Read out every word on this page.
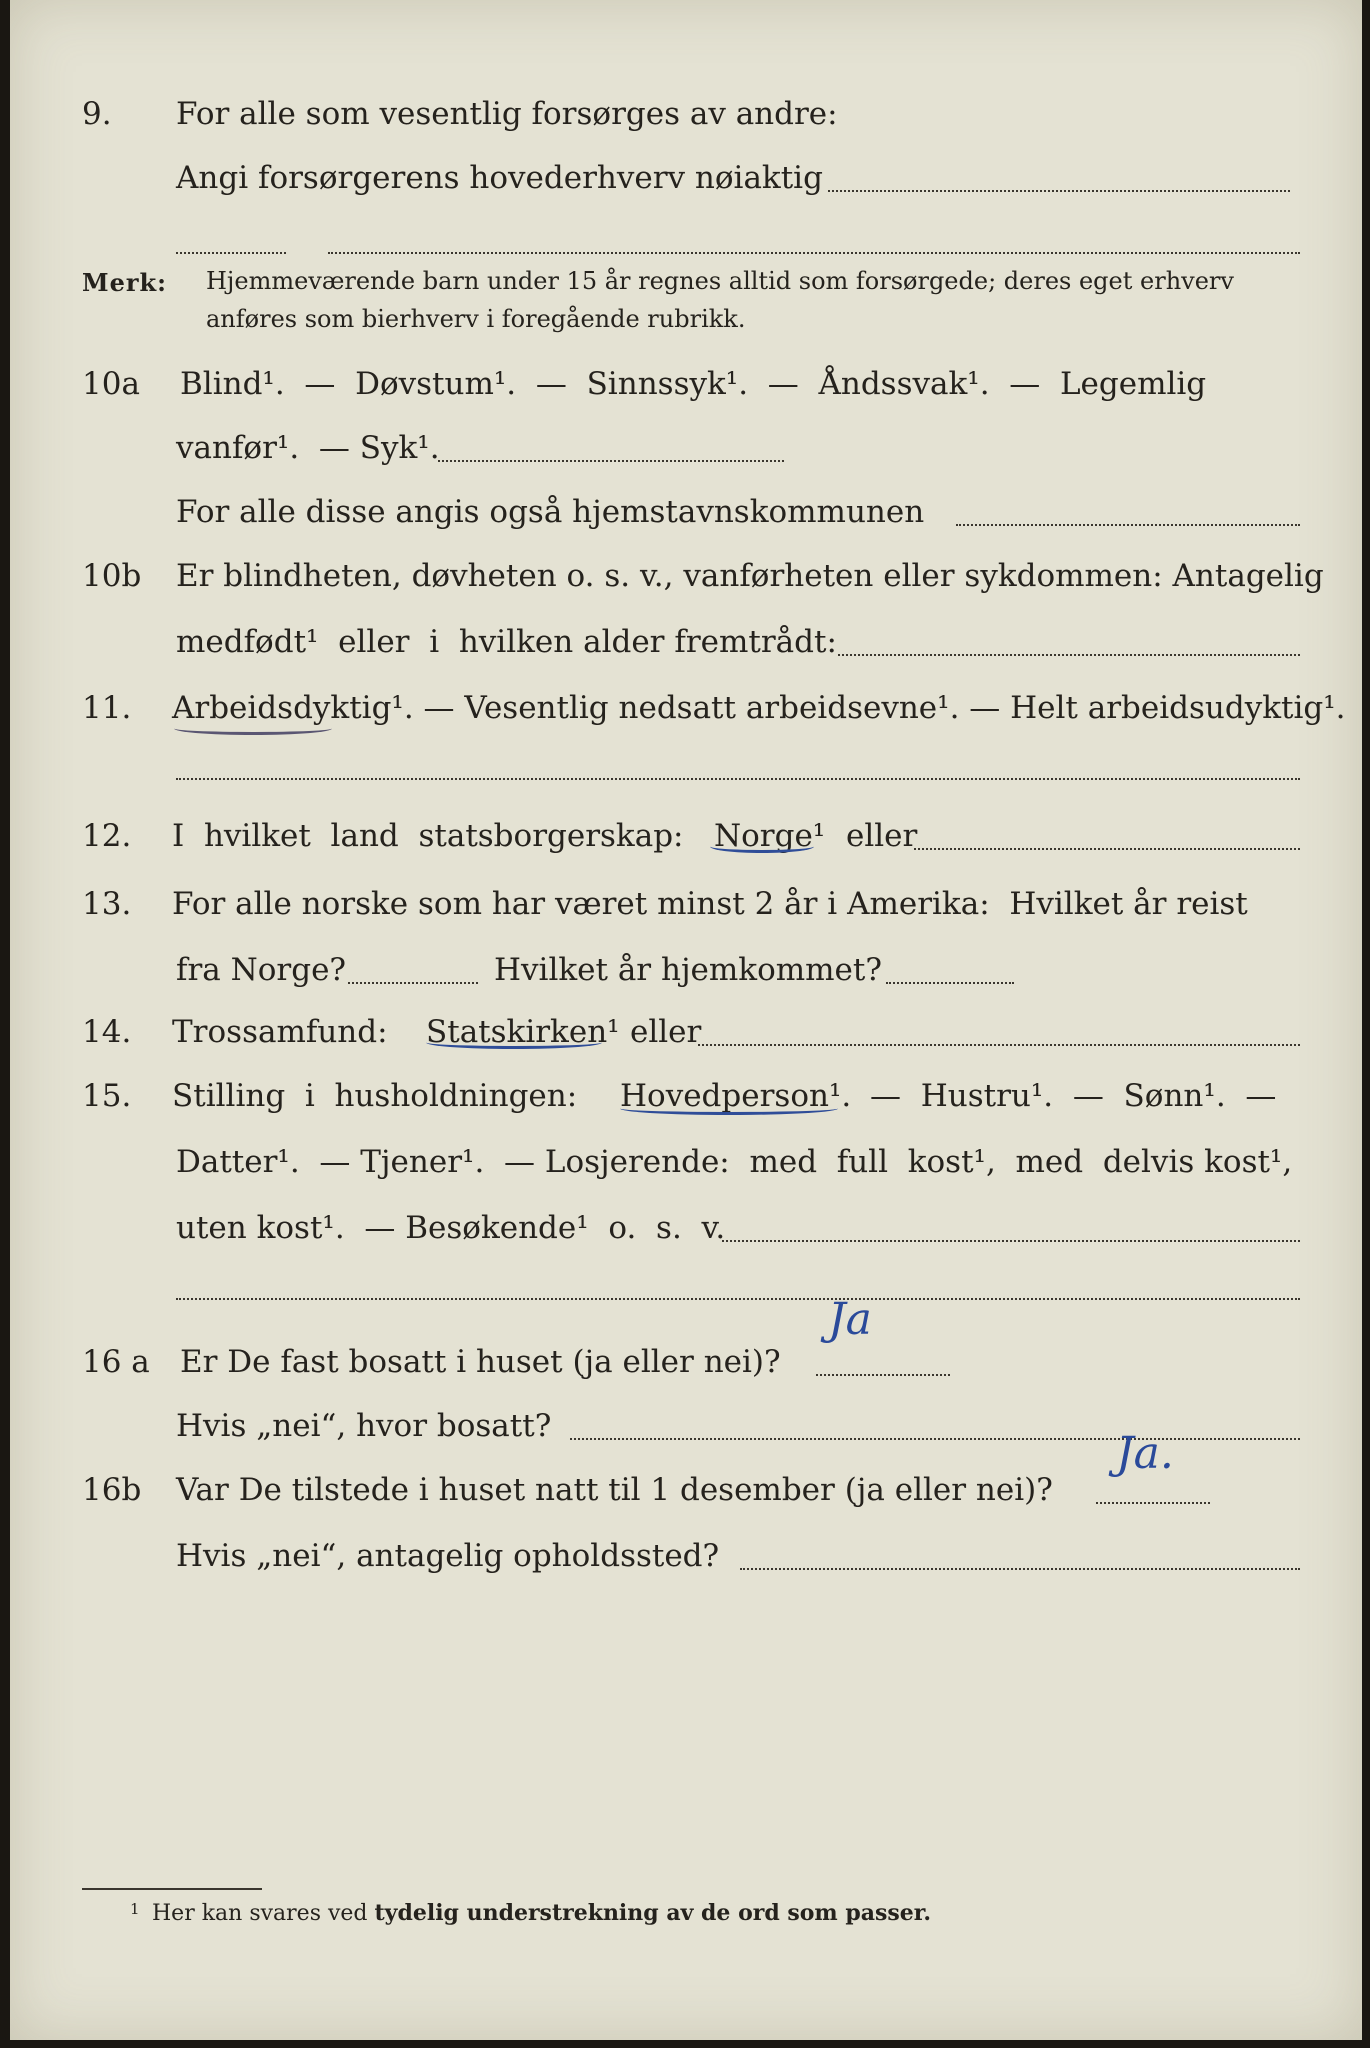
9. For alle som vesentlig forsørges av andre:
Angi forsørgerens hovederhverv nøiaktig
Merk: Hjemmeværende barn under 15 år regnes alltid som forsørgede; deres eget erhverv anføres som bierhverv i foregående rubrikk.
10a Blind¹.  —  Døvstum¹.  —  Sinnssyk¹.  —  Åndssvak¹.  —  Legemlig
vanfør¹.  — Syk¹.
For alle disse angis også hjemstavnskommunen
10b Er blindheten, døvheten o. s. v., vanførheten eller sykdommen: Antagelig
medfødt¹  eller  i  hvilken alder fremtrådt:
11. Arbeidsdyktig¹. — Vesentlig nedsatt arbeidsevne¹. — Helt arbeidsudyktig¹.
12. I  hvilket  land  statsborgerskap: Norge¹ eller
13. For alle norske som har været minst 2 år i Amerika:  Hvilket år reist
fra Norge?	Hvilket år hjemkommet?
14. Trossamfund: Statskirken¹ eller
15. Stilling  i  husholdningen: Hovedperson¹. —  Hustru¹.  —  Sønn¹.  —
Datter¹.  — Tjener¹.  — Losjerende:  med  full  kost¹,  med  delvis kost¹,
uten kost¹.  — Besøkende¹  o.  s.  v.
16 a Er De fast bosatt i huset (ja eller nei)?
Ja
Hvis „nei“, hvor bosatt?
16b Var De tilstede i huset natt til 1 desember (ja eller nei)?
Ja.
Hvis „nei“, antagelig opholdssted?
1 Her kan svares ved tydelig understrekning av de ord som passer.
